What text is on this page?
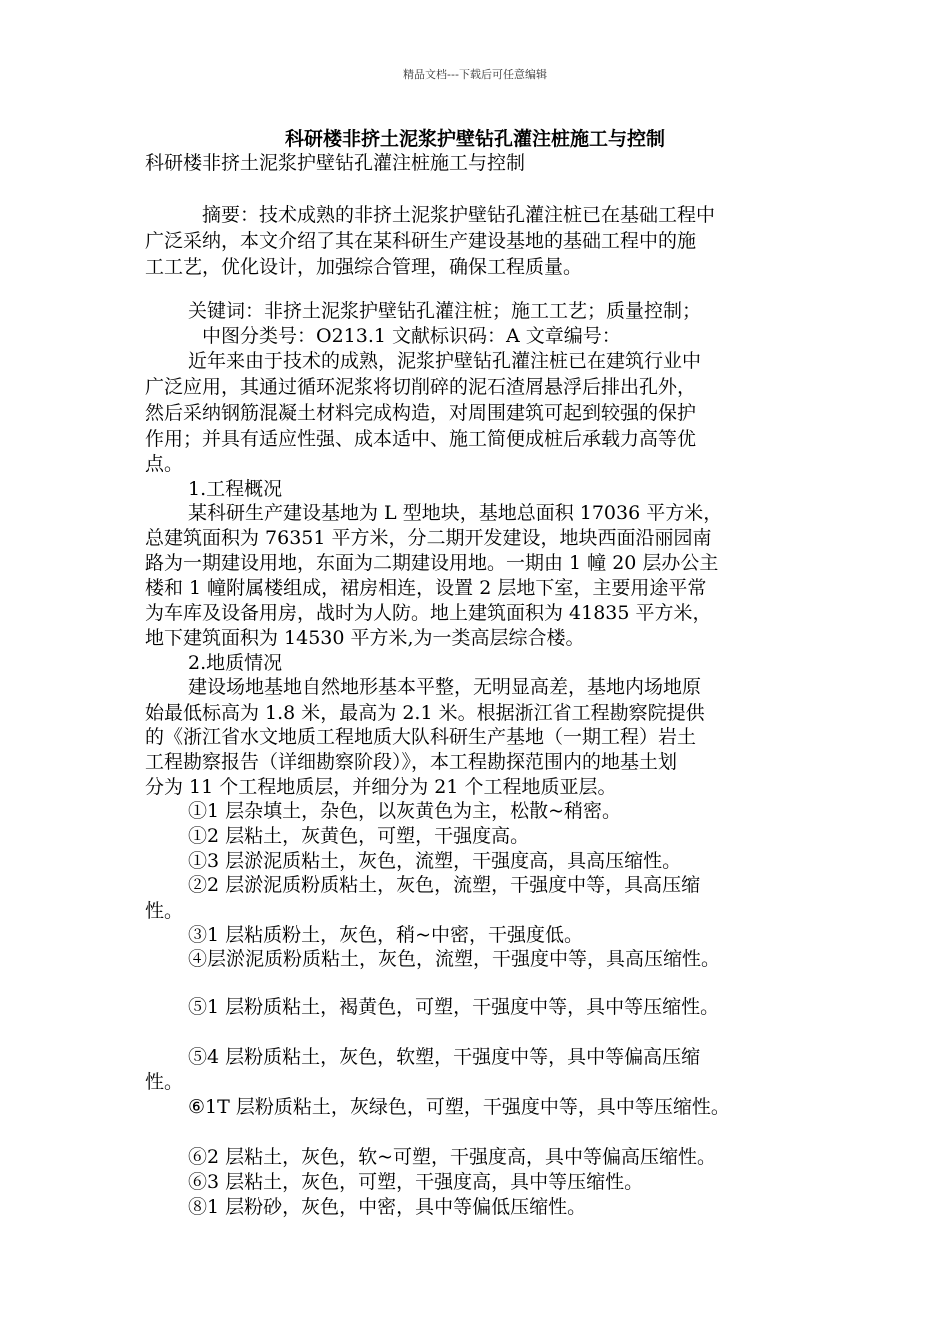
精品文档---下载后可任意编辑
科研楼非挤土泥浆护壁钻孔灌注桩施工与控制
科研楼非挤土泥浆护壁钻孔灌注桩施工与控制
摘要：技术成熟的非挤土泥浆护壁钻孔灌注桩已在基础工程中
广泛采纳，本文介绍了其在某科研生产建设基地的基础工程中的施
工工艺，优化设计，加强综合管理，确保工程质量。
关键词：非挤土泥浆护壁钻孔灌注桩；施工工艺；质量控制；
中图分类号：O213.1 文献标识码：A 文章编号：
近年来由于技术的成熟，泥浆护壁钻孔灌注桩已在建筑行业中
广泛应用，其通过循环泥浆将切削碎的泥石渣屑悬浮后排出孔外，
然后采纳钢筋混凝土材料完成构造，对周围建筑可起到较强的保护
作用；并具有适应性强、成本适中、施工简便成桩后承载力高等优
点。
1.工程概况
某科研生产建设基地为 L 型地块，基地总面积 17036 平方米，
总建筑面积为 76351 平方米，分二期开发建设，地块西面沿丽园南
路为一期建设用地，东面为二期建设用地。一期由 1 幢 20 层办公主
楼和 1 幢附属楼组成，裙房相连，设置 2 层地下室，主要用途平常
为车库及设备用房，战时为人防。地上建筑面积为 41835 平方米，
地下建筑面积为 14530 平方米,为一类高层综合楼。
2.地质情况
建设场地基地自然地形基本平整，无明显高差，基地内场地原
始最低标高为 1.8 米，最高为 2.1 米。根据浙江省工程勘察院提供
的《浙江省水文地质工程地质大队科研生产基地（一期工程）岩土
工程勘察报告（详细勘察阶段）》，本工程勘探范围内的地基土划
分为 11 个工程地质层，并细分为 21 个工程地质亚层。
①1 层杂填土，杂色，以灰黄色为主，松散~稍密。
①2 层粘土，灰黄色，可塑，干强度高。
①3 层淤泥质粘土，灰色，流塑，干强度高，具高压缩性。
②2 层淤泥质粉质粘土，灰色，流塑，干强度中等，具高压缩
性。
③1 层粘质粉土，灰色，稍~中密，干强度低。
④层淤泥质粉质粘土，灰色，流塑，干强度中等，具高压缩性。
⑤1 层粉质粘土，褐黄色，可塑，干强度中等，具中等压缩性。
⑤4 层粉质粘土，灰色，软塑，干强度中等，具中等偏高压缩
性。
⑥1T 层粉质粘土，灰绿色，可塑，干强度中等，具中等压缩性。
⑥2 层粘土，灰色，软~可塑，干强度高，具中等偏高压缩性。
⑥3 层粘土，灰色，可塑，干强度高，具中等压缩性。
⑧1 层粉砂，灰色，中密，具中等偏低压缩性。
